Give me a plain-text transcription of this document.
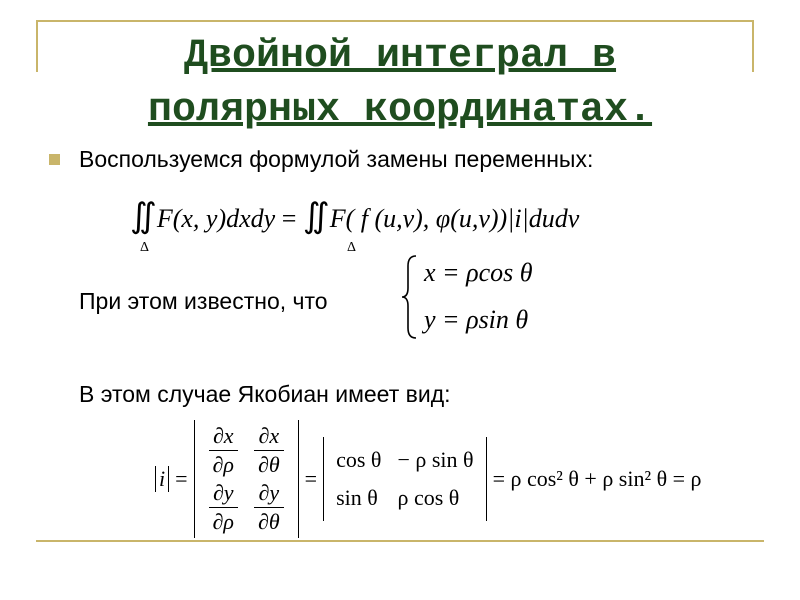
Двойной интеграл в
полярных координатах.
Воспользуемся формулой замены переменных:
∬F(x, y)dxdy = ∬F( f (u,v), φ(u,v))|i|dudv
Δ	Δ
При этом известно, что
x = ρcos θ
y = ρsin θ
В этом случае Якобиан имеет вид:
$i = \frac{\partial x}{\partial\rho}$	$\frac{\partial x}{\partial\theta}$

$\frac{\partial y}{\partial\rho}$	$\frac{\partial y}{\partial\theta}$
=
cos θ	− ρ sin θ
sin θ	ρ cos θ
= ρ cos² θ + ρ sin² θ = ρ
